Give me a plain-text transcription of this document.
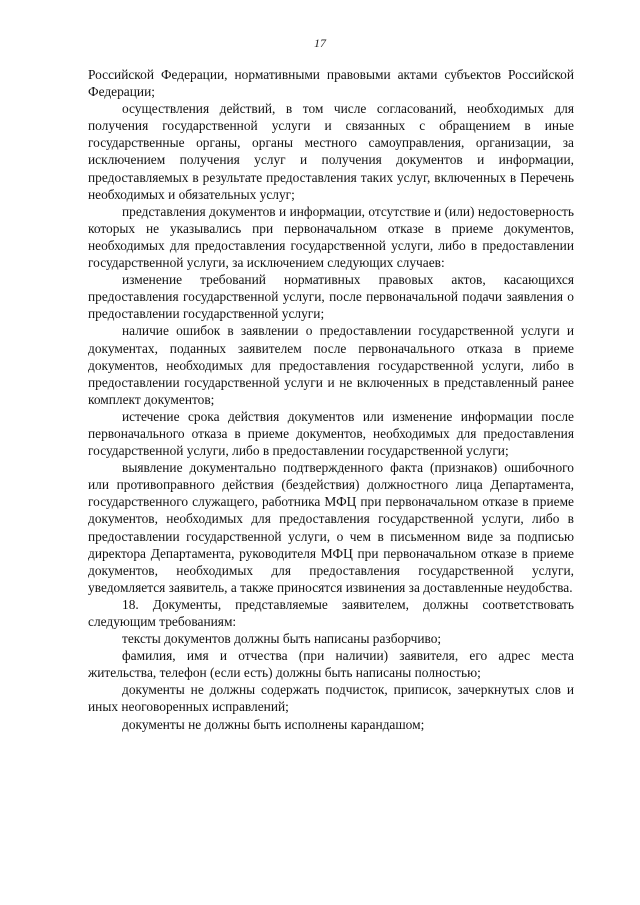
17

Российской Федерации, нормативными правовыми актами субъектов Российской Федерации;

осуществления действий, в том числе согласований, необходимых для получения государственной услуги и связанных с обращением в иные государственные органы, органы местного самоуправления, организации, за исключением получения услуг и получения документов и информации, предоставляемых в результате предоставления таких услуг, включенных в Перечень необходимых и обязательных услуг;

представления документов и информации, отсутствие и (или) недостоверность которых не указывались при первоначальном отказе в приеме документов, необходимых для предоставления государственной услуги, либо в предоставлении государственной услуги, за исключением следующих случаев:

изменение требований нормативных правовых актов, касающихся предоставления государственной услуги, после первоначальной подачи заявления о предоставлении государственной услуги;

наличие ошибок в заявлении о предоставлении государственной услуги и документах, поданных заявителем после первоначального отказа в приеме документов, необходимых для предоставления государственной услуги, либо в предоставлении государственной услуги и не включенных в представленный ранее комплект документов;

истечение срока действия документов или изменение информации после первоначального отказа в приеме документов, необходимых для предоставления государственной услуги, либо в предоставлении государственной услуги;

выявление документально подтвержденного факта (признаков) ошибочного или противоправного действия (бездействия) должностного лица Департамента, государственного служащего, работника МФЦ при первоначальном отказе в приеме документов, необходимых для предоставления государственной услуги, либо в предоставлении государственной услуги, о чем в письменном виде за подписью директора Департамента, руководителя МФЦ при первоначальном отказе в приеме документов, необходимых для предоставления государственной услуги, уведомляется заявитель, а также приносятся извинения за доставленные неудобства.

18. Документы, представляемые заявителем, должны соответствовать следующим требованиям:

тексты документов должны быть написаны разборчиво;

фамилия, имя и отчества (при наличии) заявителя, его адрес места жительства, телефон (если есть) должны быть написаны полностью;

документы не должны содержать подчисток, приписок, зачеркнутых слов и иных неоговоренных исправлений;

документы не должны быть исполнены карандашом;
